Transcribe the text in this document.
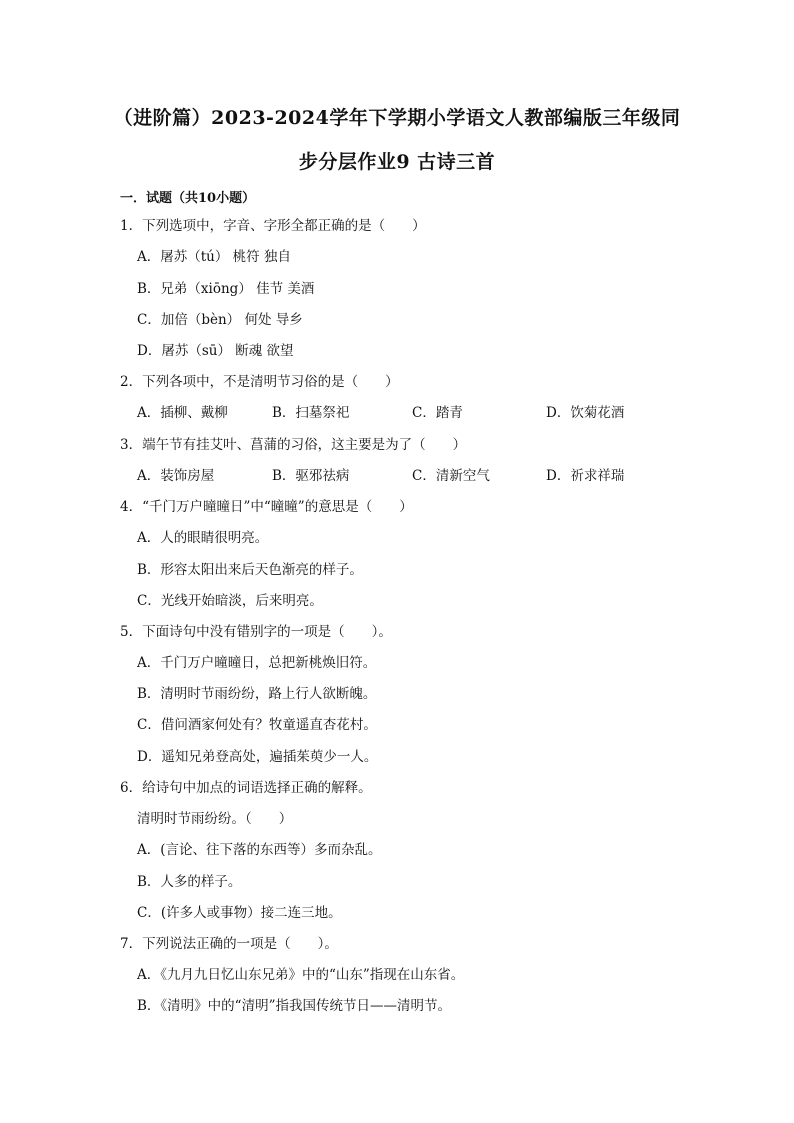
（进阶篇）2023-2024学年下学期小学语文人教部编版三年级同
步分层作业9 古诗三首
一．试题（共10小题）
1．下列选项中，字音、字形全都正确的是（　　）
A．屠苏（tú） 桃符 独自
B．兄弟（xiōng） 佳节 美酒
C．加倍（bèn） 何处 导乡
D．屠苏（sū） 断魂 欲望
2．下列各项中，不是清明节习俗的是（　　）
A．插柳、戴柳	B．扫墓祭祀	C．踏青	D．饮菊花酒
3．端午节有挂艾叶、菖蒲的习俗，这主要是为了（　　）
A．装饰房屋	B．驱邪祛病	C．清新空气	D．祈求祥瑞
4．“千门万户曈曈日”中“曈曈”的意思是（　　）
A．人的眼睛很明亮。
B．形容太阳出来后天色渐亮的样子。
C．光线开始暗淡，后来明亮。
5．下面诗句中没有错别字的一项是（　　）。
A．千门万户曈曈日，总把新桃焕旧符。
B．清明时节雨纷纷，路上行人欲断魄。
C．借问酒家何处有？牧童遥直杏花村。
D．遥知兄弟登高处，遍插茱萸少一人。
6．给诗句中加点的词语选择正确的解释。
清明时节雨纷纷。（　　）
A．(言论、往下落的东西等）多而杂乱。
B．人多的样子。
C．(许多人或事物）接二连三地。
7．下列说法正确的一项是（　　）。
A．《九月九日忆山东兄弟》中的“山东”指现在山东省。
B．《清明》中的“清明”指我国传统节日——清明节。
